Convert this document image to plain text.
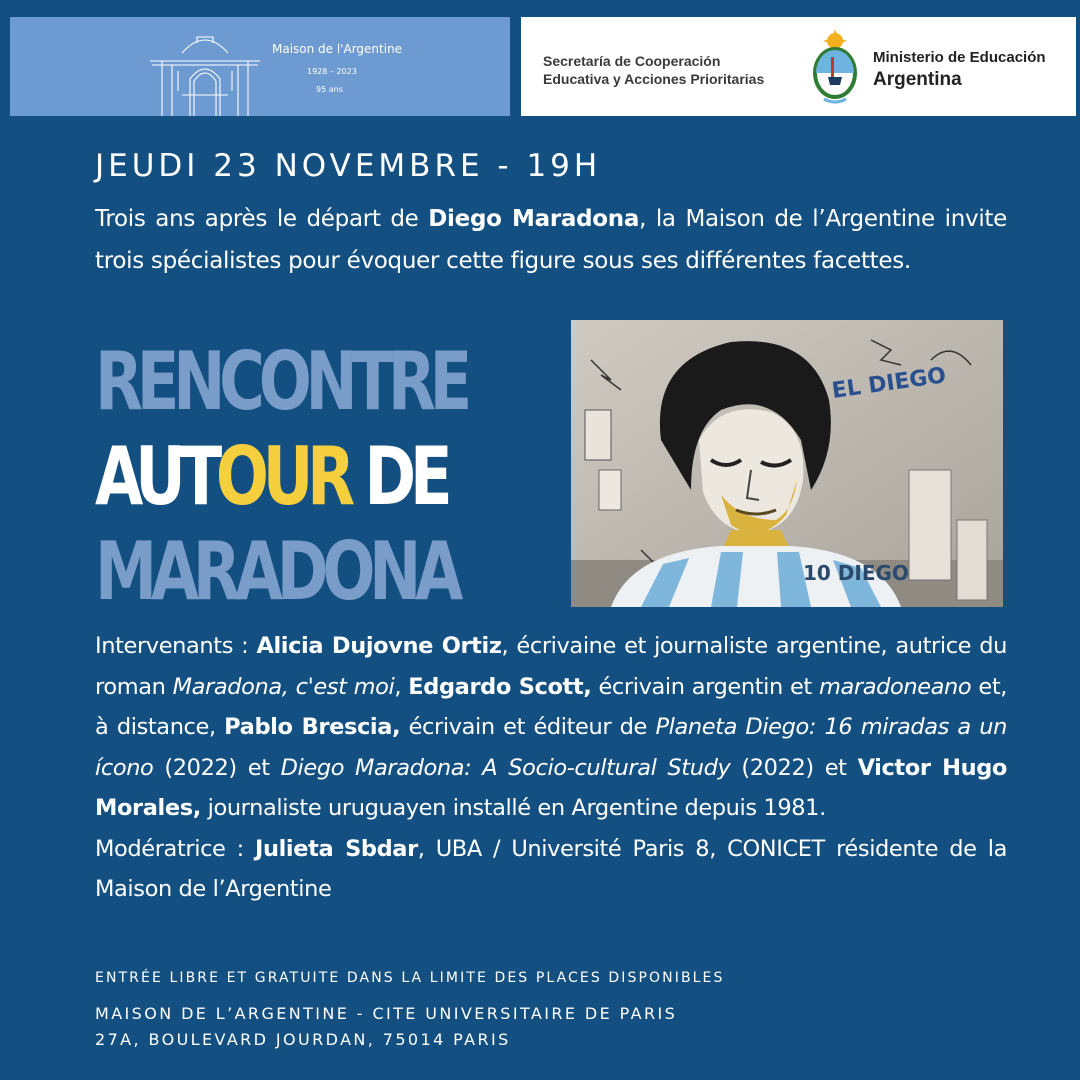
Maison de l'Argentine
1928 – 2023
95 ans
Secretaría de Cooperación
Educativa y Acciones Prioritarias
Ministerio de Educación
Argentina
JEUDI 23 NOVEMBRE - 19H
Trois ans après le départ de Diego Maradona, la Maison de l’Argentine invite trois spécialistes pour évoquer cette figure sous ses différentes facettes.
RENCONTRE
AUTOUR DE
MARADONA	10 DIEGO
EL DIEGO

Intervenants : Alicia Dujovne Ortiz, écrivaine et journaliste argentine, autrice du roman Maradona, c'est moi, Edgardo Scott, écrivain argentin et maradoneano et, à distance, Pablo Brescia, écrivain et éditeur de Planeta Diego: 16 miradas a un ícono (2022) et Diego Maradona: A Socio-cultural Study (2022) et Victor Hugo Morales, journaliste uruguayen installé en Argentine depuis 1981.

Modératrice : Julieta Sbdar, UBA / Université Paris 8, CONICET résidente de la Maison de l’Argentine

ENTRÉE LIBRE ET GRATUITE DANS LA LIMITE DES PLACES DISPONIBLES
MAISON DE L’ARGENTINE - CITE UNIVERSITAIRE DE PARIS
27A, BOULEVARD JOURDAN, 75014 PARIS
